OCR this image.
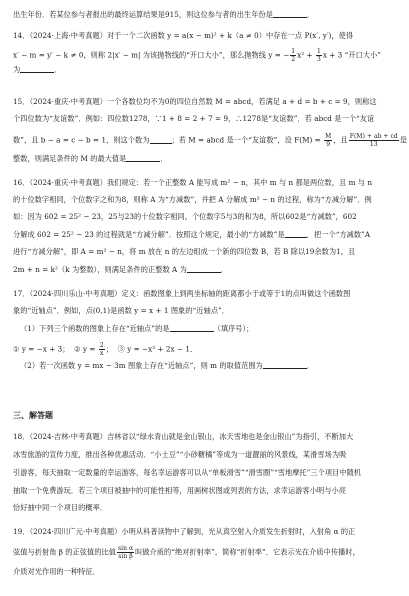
出生年份．若某位参与者报出的最终运算结果是915，则这位参与者的出生年份是	．
14．（2024·上海·中考真题）对于一个二次函数 y = a(x − m)² + k（a ≠ 0）中存在一点 P(x′, y′)，使得
x′ − m = y′ − k ≠ 0，则称 2|x′ − m| 为该抛物线的“开口大小”，那么抛物线 y = − $\frac{1}{2} x^2 + \frac{1}{3}$ x + 3 “开口大小”
为	．
15．（2024·重庆·中考真题）一个各数位均不为0的四位自然数 M = abcd，若满足 a + d = b + c = 9，则称这
个四位数为“友谊数”．例如：四位数1278，∵1 + 8 = 2 + 7 = 9，∴1278是“友谊数”．若 abcd 是一个“友谊
数”，且 b − a = c − b = 1，则这个数为	；若 M = abcd 是一个“友谊数”，设 $F(M) = \frac{M}{9}$ ，且 $\frac{F(M) + ab + cd}{13}$ 是
整数，则满足条件的 M 的最大值是	．
16．（2024·重庆·中考真题）我们规定：若一个正整数 A 能写成 m² − n，其中 m 与 n 都是两位数，且 m 与 n
的十位数字相同，个位数字之和为8，则称 A 为“方减数”，并把 A 分解成 m² − n 的过程，称为“方减分解”．例
如：因为 602 = 25² − 23，25与23的十位数字相同，个位数字5与3的和为8，所以602是“方减数”，602
分解成 602 = 25² − 23 的过程就是“方减分解”．按照这个规定，最小的“方减数”是	．把一个“方减数”A
进行“方减分解”，即 A = m² − n，将 m 放在 n 的左边组成一个新的四位数 B，若 B 除以19余数为1，且
2m + n = k²（k 为整数），则满足条件的正整数 A 为	．
17．（2024·四川乐山·中考真题）定义：函数图象上到两坐标轴的距离都小于或等于1的点叫做这个函数图
象的“近轴点”．例如，点(0,1)是函数 y = x + 1 图象的“近轴点”．
（1）下列三个函数的图象上存在“近轴点”的是	（填序号）；
① y = −x + 3； ② $y = \frac{2}{x}$ ； ③ y = −x² + 2x − 1．
（2）若一次函数 y = mx − 3m 图象上存在“近轴点”，则 m 的取值范围为	．
三、解答题
18．（2024·吉林·中考真题）吉林省以“绿水青山就是金山银山，冰天雪地也是金山银山”为指引，不断加大
冰雪旅游的宣传力度，推出各种优惠活动．“小土豆”“小砂糖橘”等成为一道靓丽的风景线，某滑雪场为吸
引游客，每天抽取一定数量的幸运游客，每名幸运游客可以从“单板滑雪”“滑雪圈”“雪地摩托”三个项目中随机
抽取一个免费游玩．若三个项目被抽中的可能性相等，用画树状图或列表的方法，求幸运游客小明与小亮
恰好抽中同一个项目的概率．
19．（2024·四川广元·中考真题）小明从科普读物中了解到，光从真空射入介质发生折射时，入射角 α 的正
弦值与折射角 β 的正弦值的比值 $\frac{\text{sin α}}{\text{sin β}}$ 叫做介质的“绝对折射率”，简称“折射率”．它表示光在介质中传播时，
介质对光作用的一种特征．
